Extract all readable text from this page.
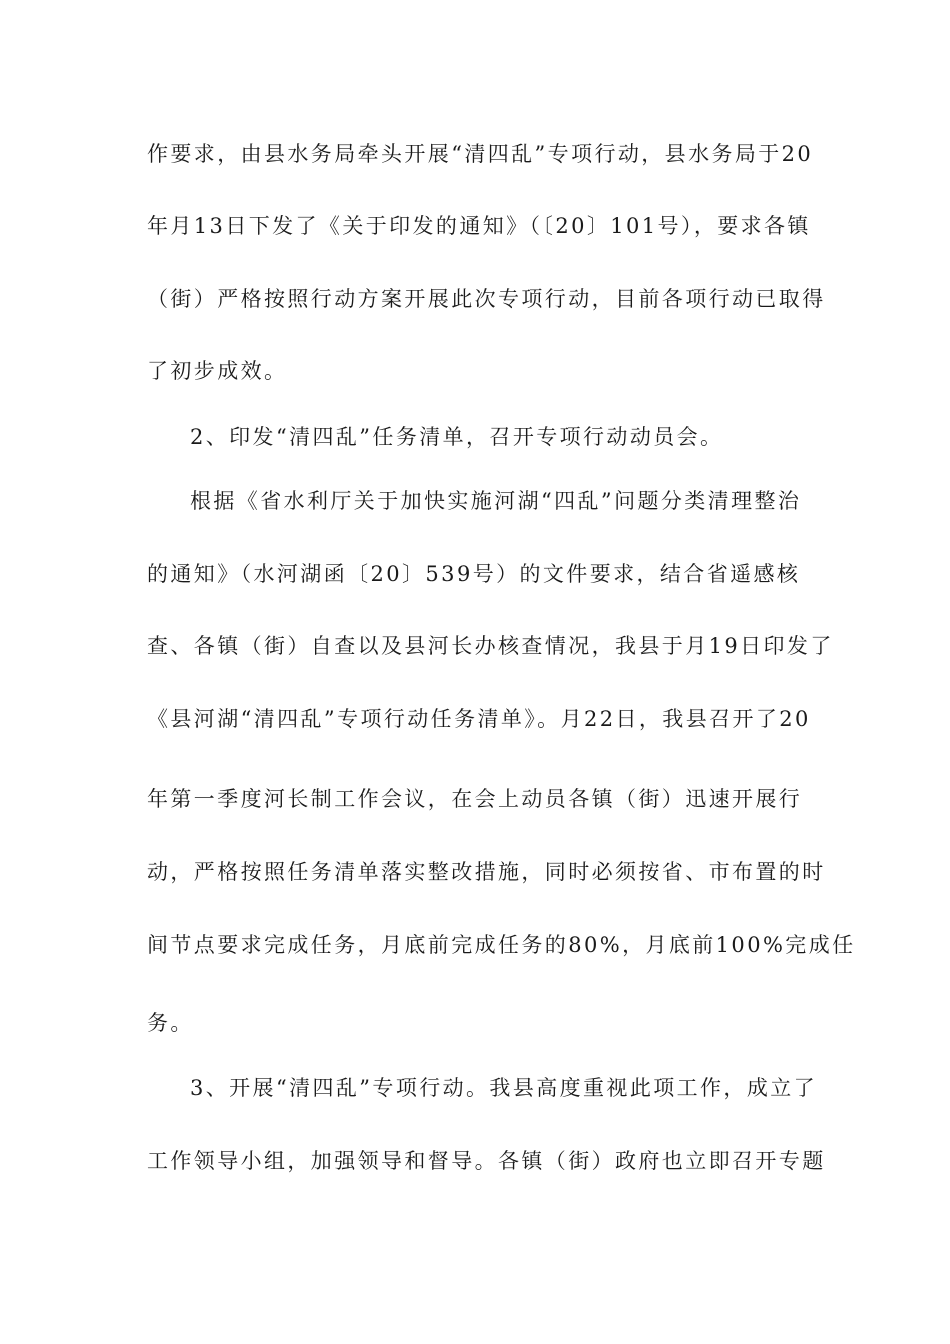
作要求，由县水务局牵头开展“清四乱”专项行动，县水务局于20
年月13日下发了《关于印发的通知》（〔20〕101号），要求各镇
（街）严格按照行动方案开展此次专项行动，目前各项行动已取得
了初步成效。
2、印发“清四乱”任务清单，召开专项行动动员会。
根据《省水利厅关于加快实施河湖“四乱”问题分类清理整治
的通知》（水河湖函〔20〕539号）的文件要求，结合省遥感核
查、各镇（街）自查以及县河长办核查情况，我县于月19日印发了
《县河湖“清四乱”专项行动任务清单》。月22日，我县召开了20
年第一季度河长制工作会议，在会上动员各镇（街）迅速开展行
动，严格按照任务清单落实整改措施，同时必须按省、市布置的时
间节点要求完成任务，月底前完成任务的80%，月底前100%完成任
务。
3、开展“清四乱”专项行动。我县高度重视此项工作，成立了
工作领导小组，加强领导和督导。各镇（街）政府也立即召开专题
